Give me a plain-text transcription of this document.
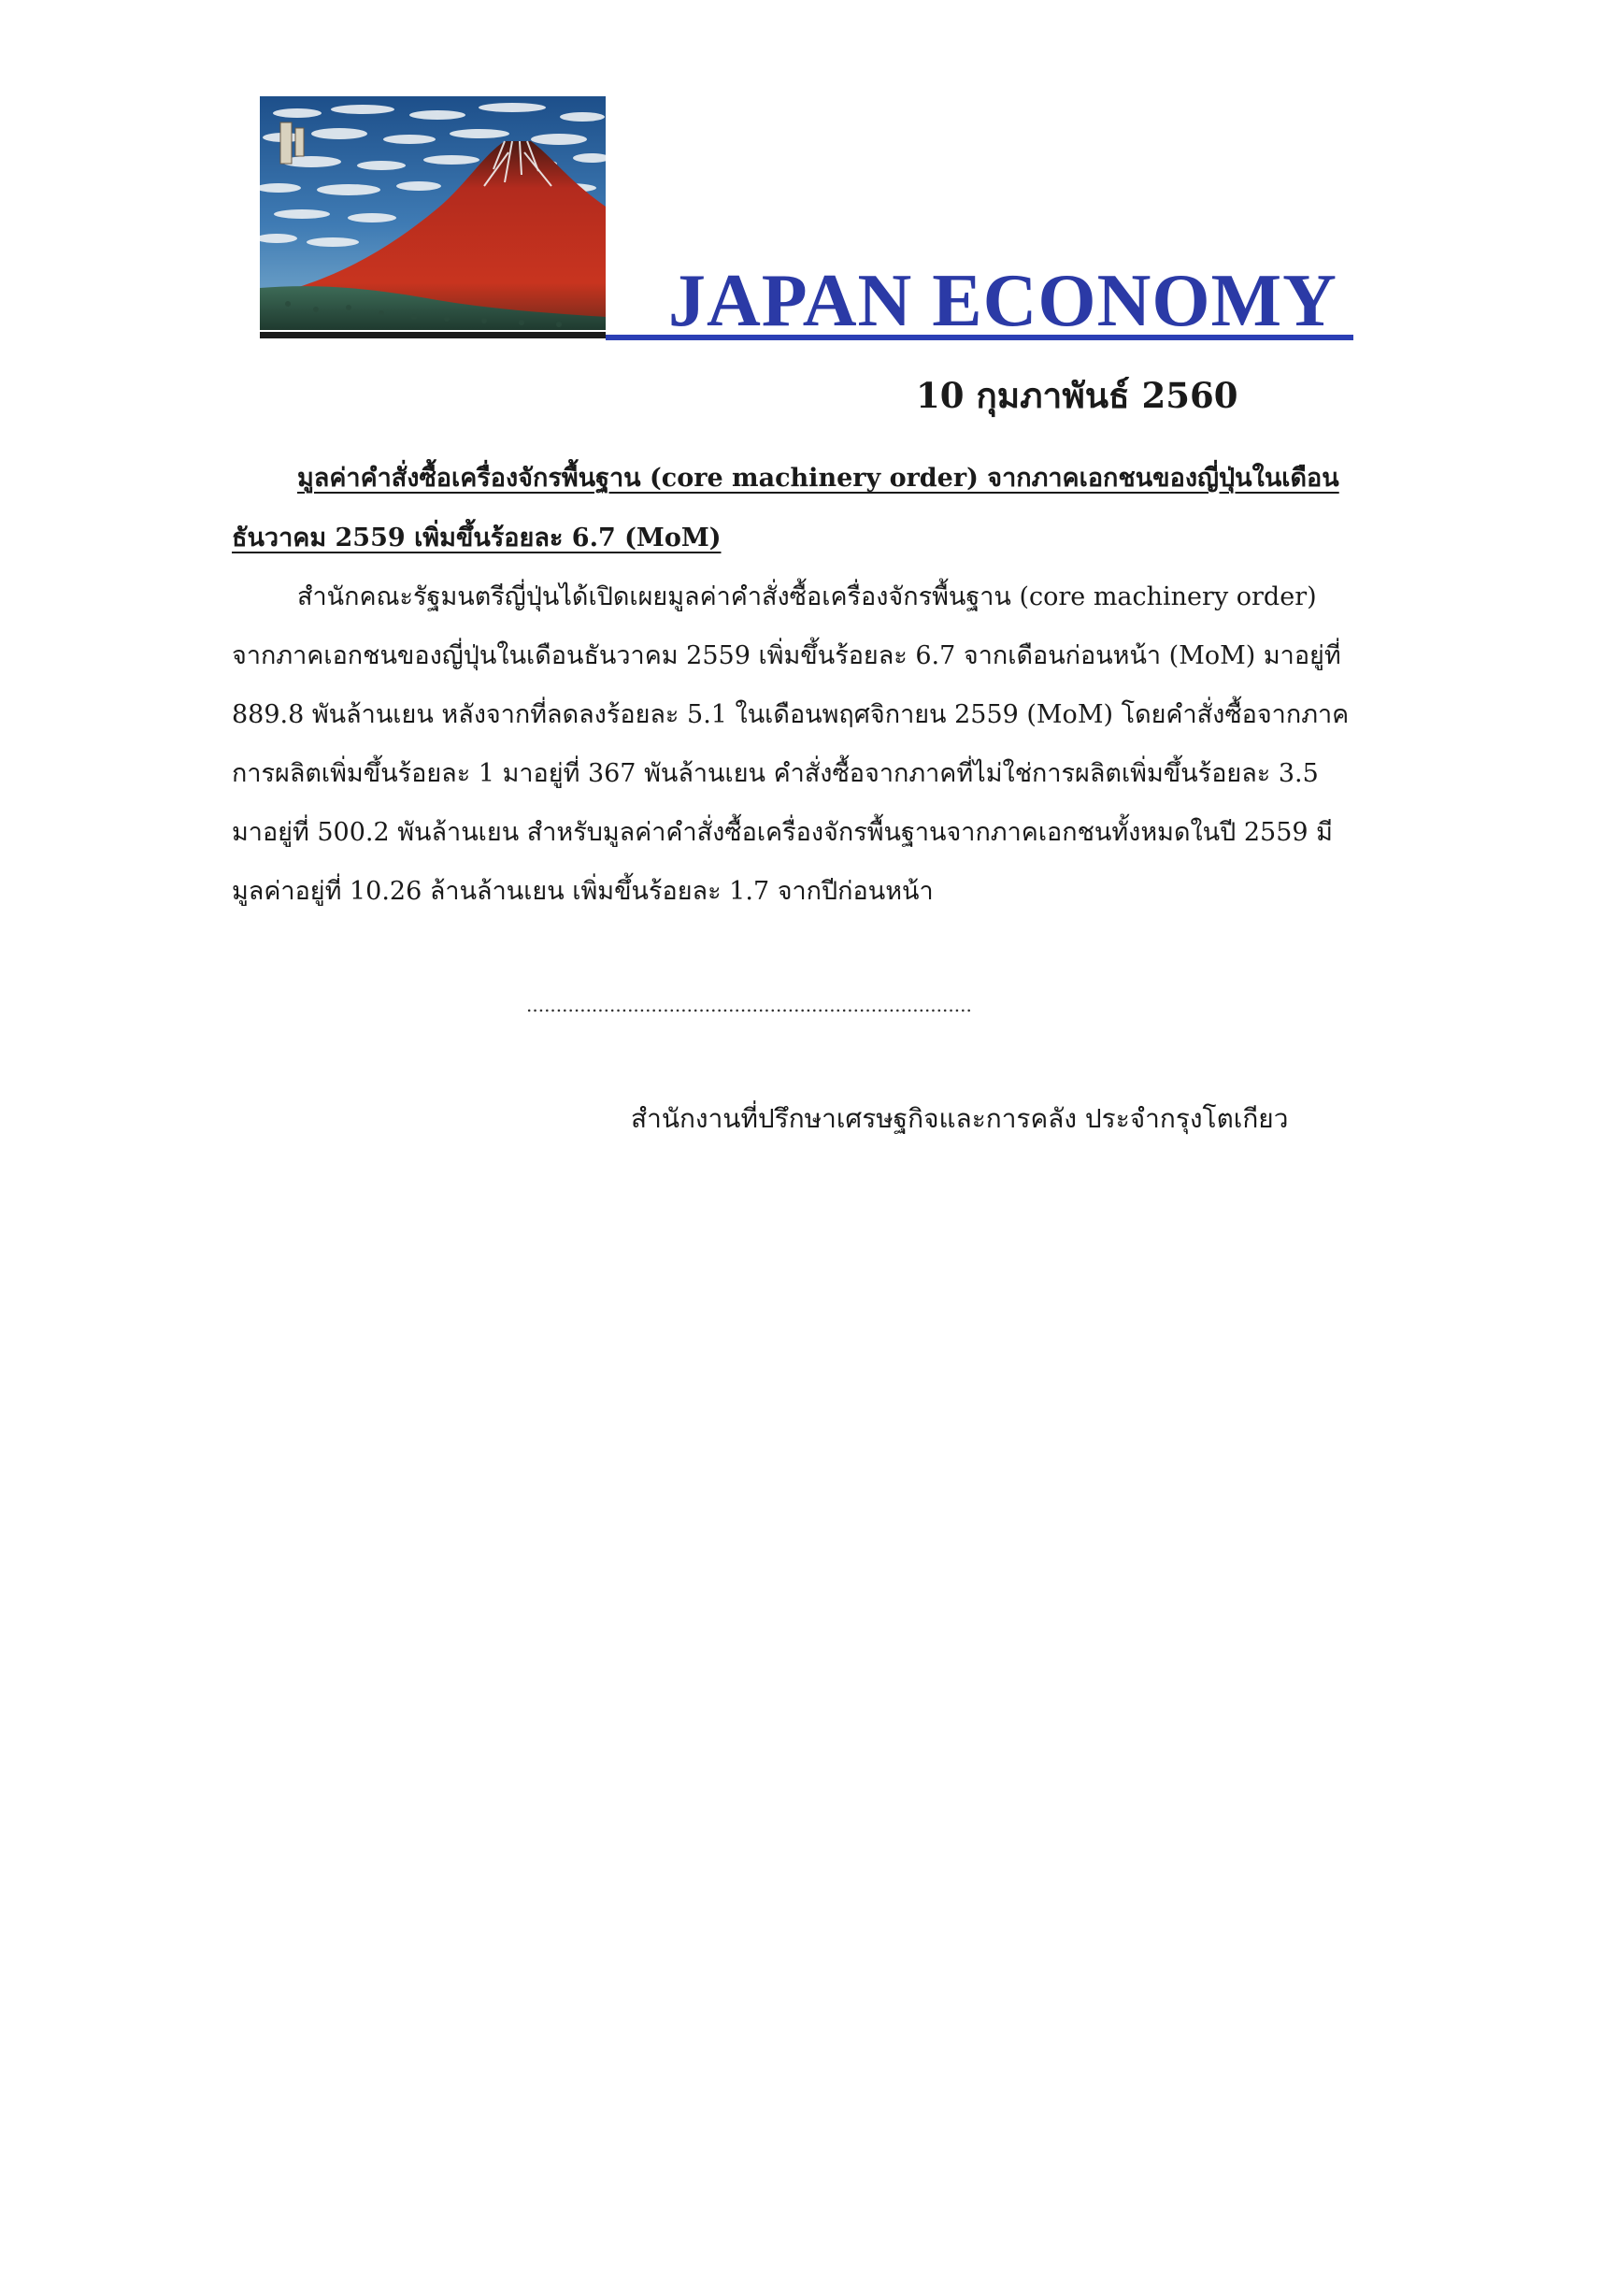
JAPAN ECONOMY
10 กุมภาพันธ์ 2560
มูลค่าคำสั่งซื้อเครื่องจักรพื้นฐาน (core machinery order) จากภาคเอกชนของญี่ปุ่นในเดือนธันวาคม 2559 เพิ่มขึ้นร้อยละ 6.7 (MoM)
สำนักคณะรัฐมนตรีญี่ปุ่นได้เปิดเผยมูลค่าคำสั่งซื้อเครื่องจักรพื้นฐาน (core machinery order) จากภาคเอกชนของญี่ปุ่นในเดือนธันวาคม 2559 เพิ่มขึ้นร้อยละ 6.7 จากเดือนก่อนหน้า (MoM) มาอยู่ที่ 889.8 พันล้านเยน หลังจากที่ลดลงร้อยละ 5.1 ในเดือนพฤศจิกายน 2559 (MoM) โดยคำสั่งซื้อจากภาคการผลิตเพิ่มขึ้นร้อยละ 1 มาอยู่ที่ 367 พันล้านเยน คำสั่งซื้อจากภาคที่ไม่ใช่การผลิตเพิ่มขึ้นร้อยละ 3.5 มาอยู่ที่ 500.2 พันล้านเยน สำหรับมูลค่าคำสั่งซื้อเครื่องจักรพื้นฐานจากภาคเอกชนทั้งหมดในปี 2559 มีมูลค่าอยู่ที่ 10.26 ล้านล้านเยน เพิ่มขึ้นร้อยละ 1.7 จากปีก่อนหน้า
...........................................................................
สำนักงานที่ปรึกษาเศรษฐกิจและการคลัง ประจำกรุงโตเกียว
